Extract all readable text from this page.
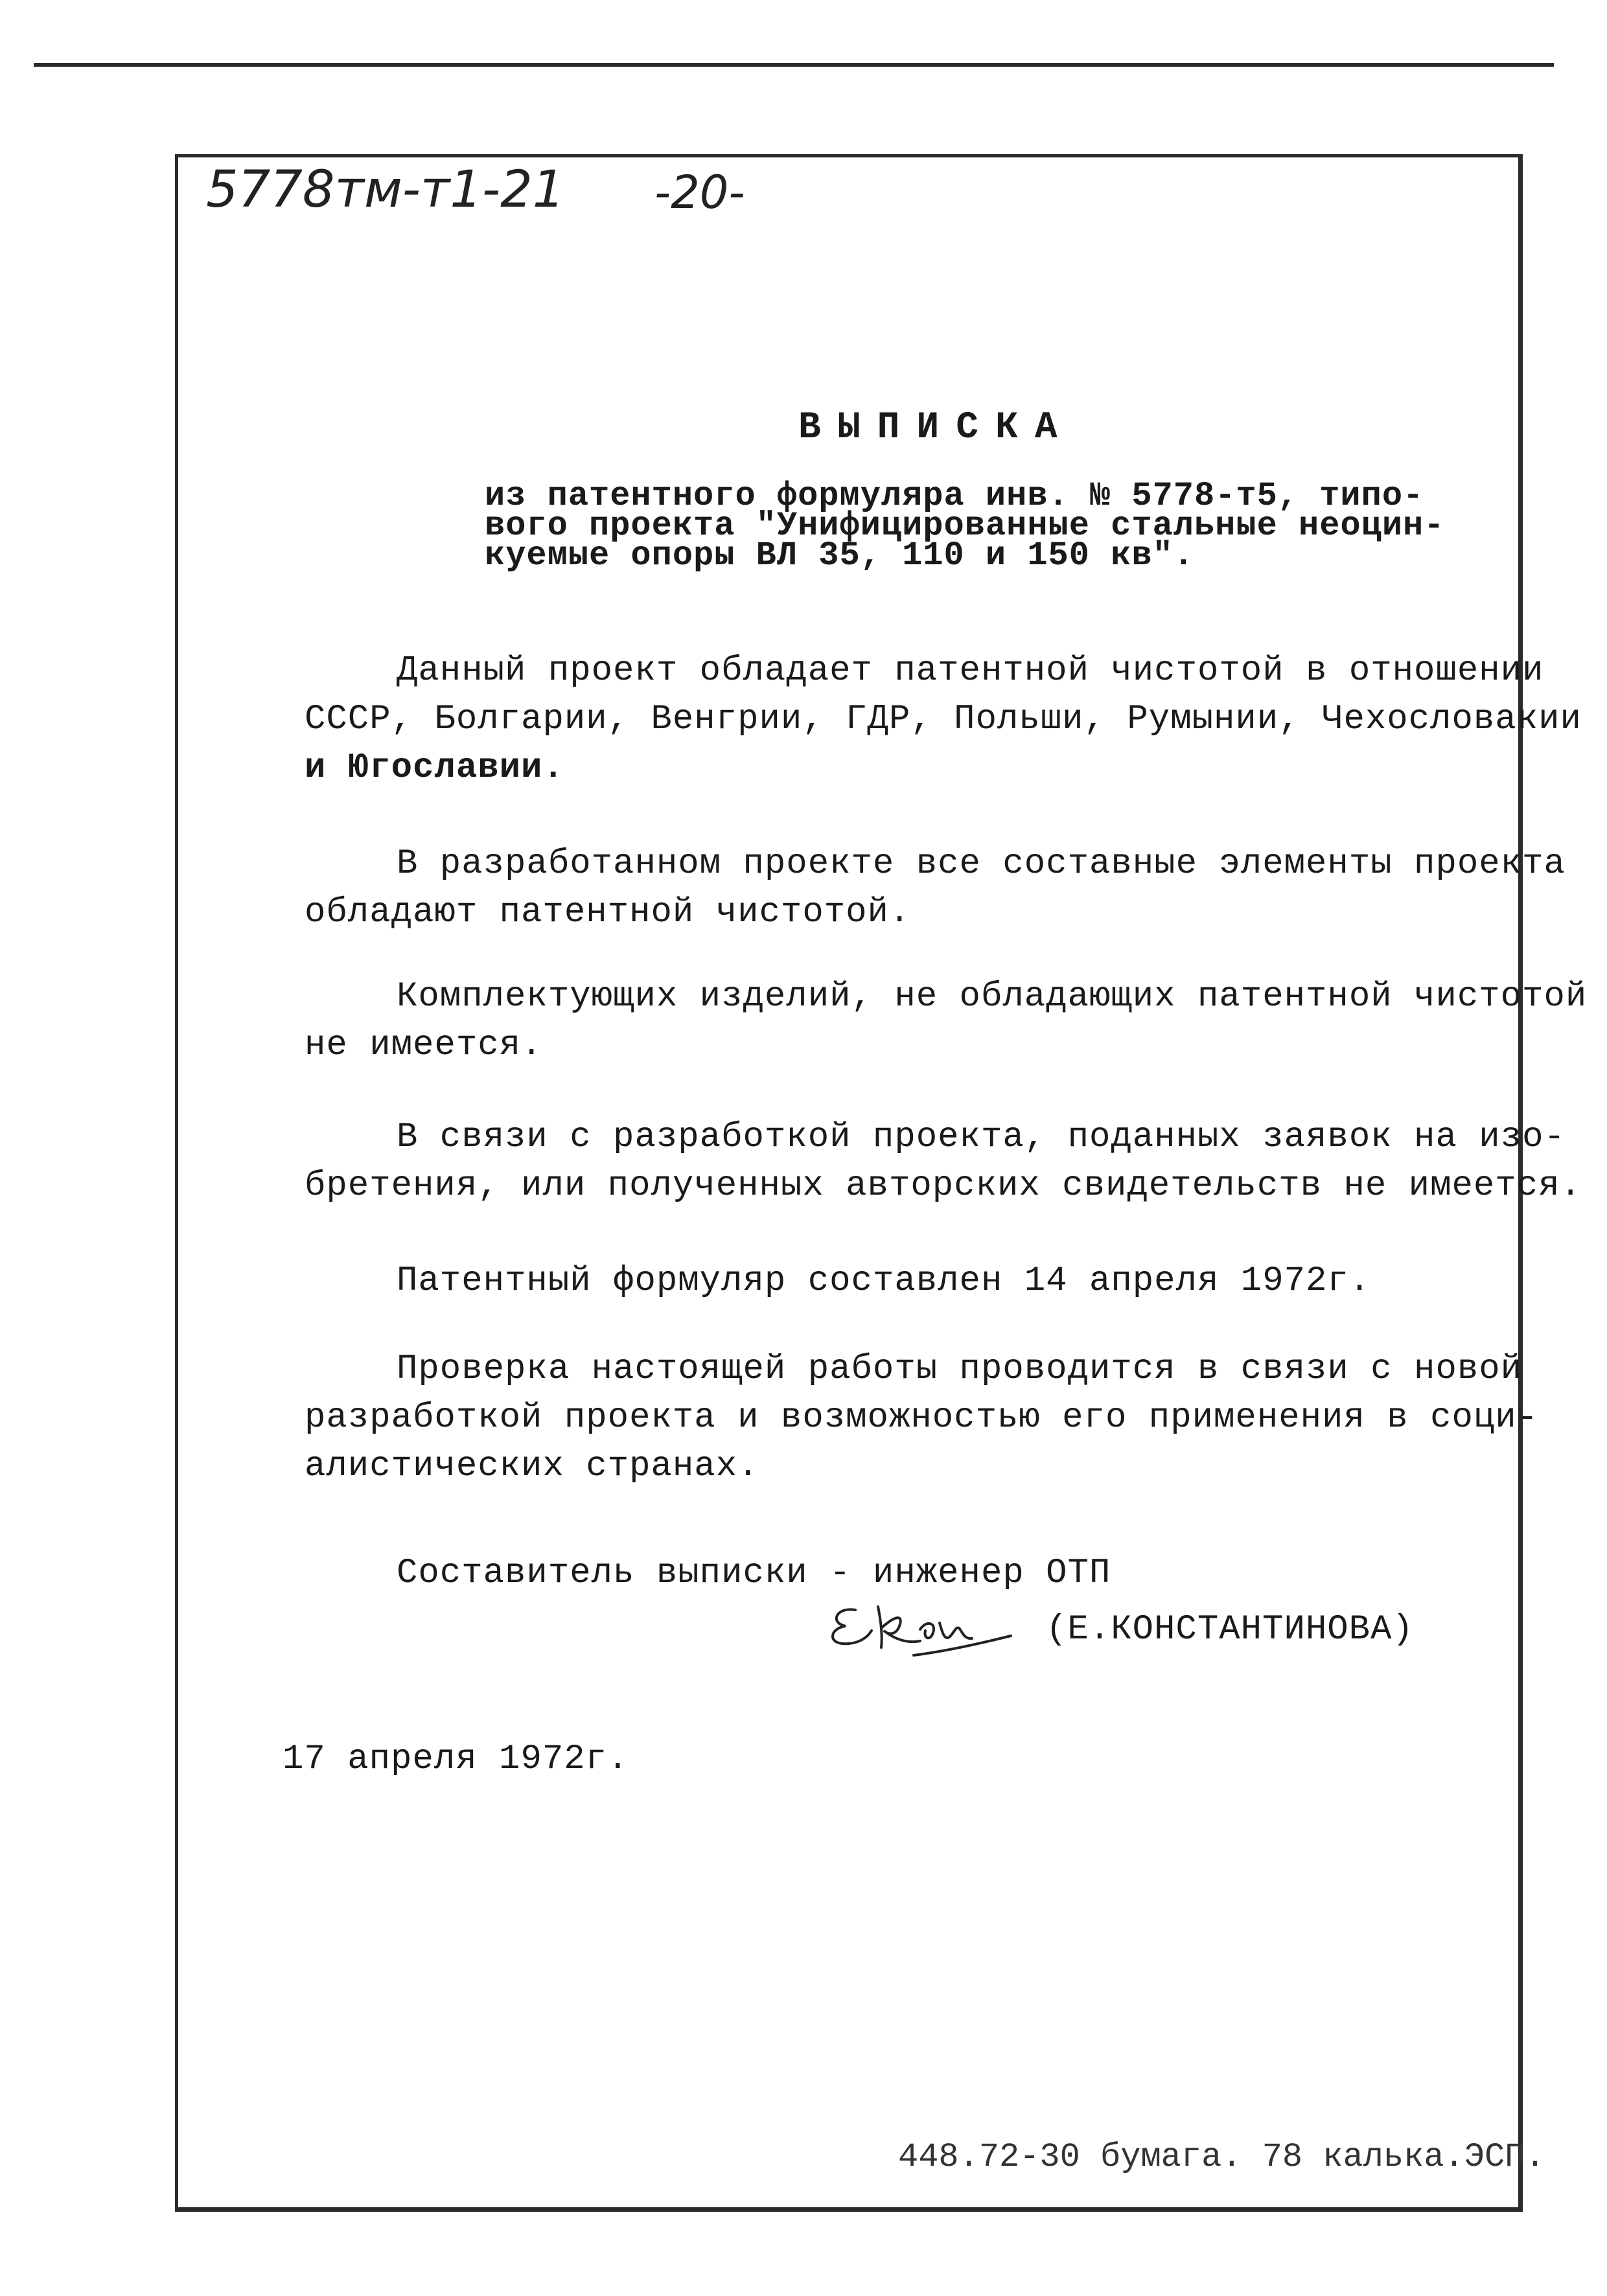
5778тм-т1-21 -20-
ВЫПИСКА
из патентного формуляра инв. № 5778-т5, типо-
вого проекта "Унифицированные стальные неоцин-
куемые опоры ВЛ 35, 110 и 150 кв".
Данный проект обладает патентной чистотой в отношении
СССР, Болгарии, Венгрии, ГДР, Польши, Румынии, Чехословакии
и Югославии.
В разработанном проекте все составные элементы проекта
обладают патентной чистотой.
Комплектующих изделий, не обладающих патентной чистотой
не имеется.
В связи с разработкой проекта, поданных заявок на изо-
бретения, или полученных авторских свидетельств не имеется.
Патентный формуляр составлен 14 апреля 1972г.
Проверка настоящей работы проводится в связи с новой
разработкой проекта и возможностью его применения в соци-
алистических странах.
Составитель выписки - инженер ОТП
(Е.КОНСТАНТИНОВА)
17 апреля 1972г.
448.72-30 бумага. 78 калька.ЭСП.
